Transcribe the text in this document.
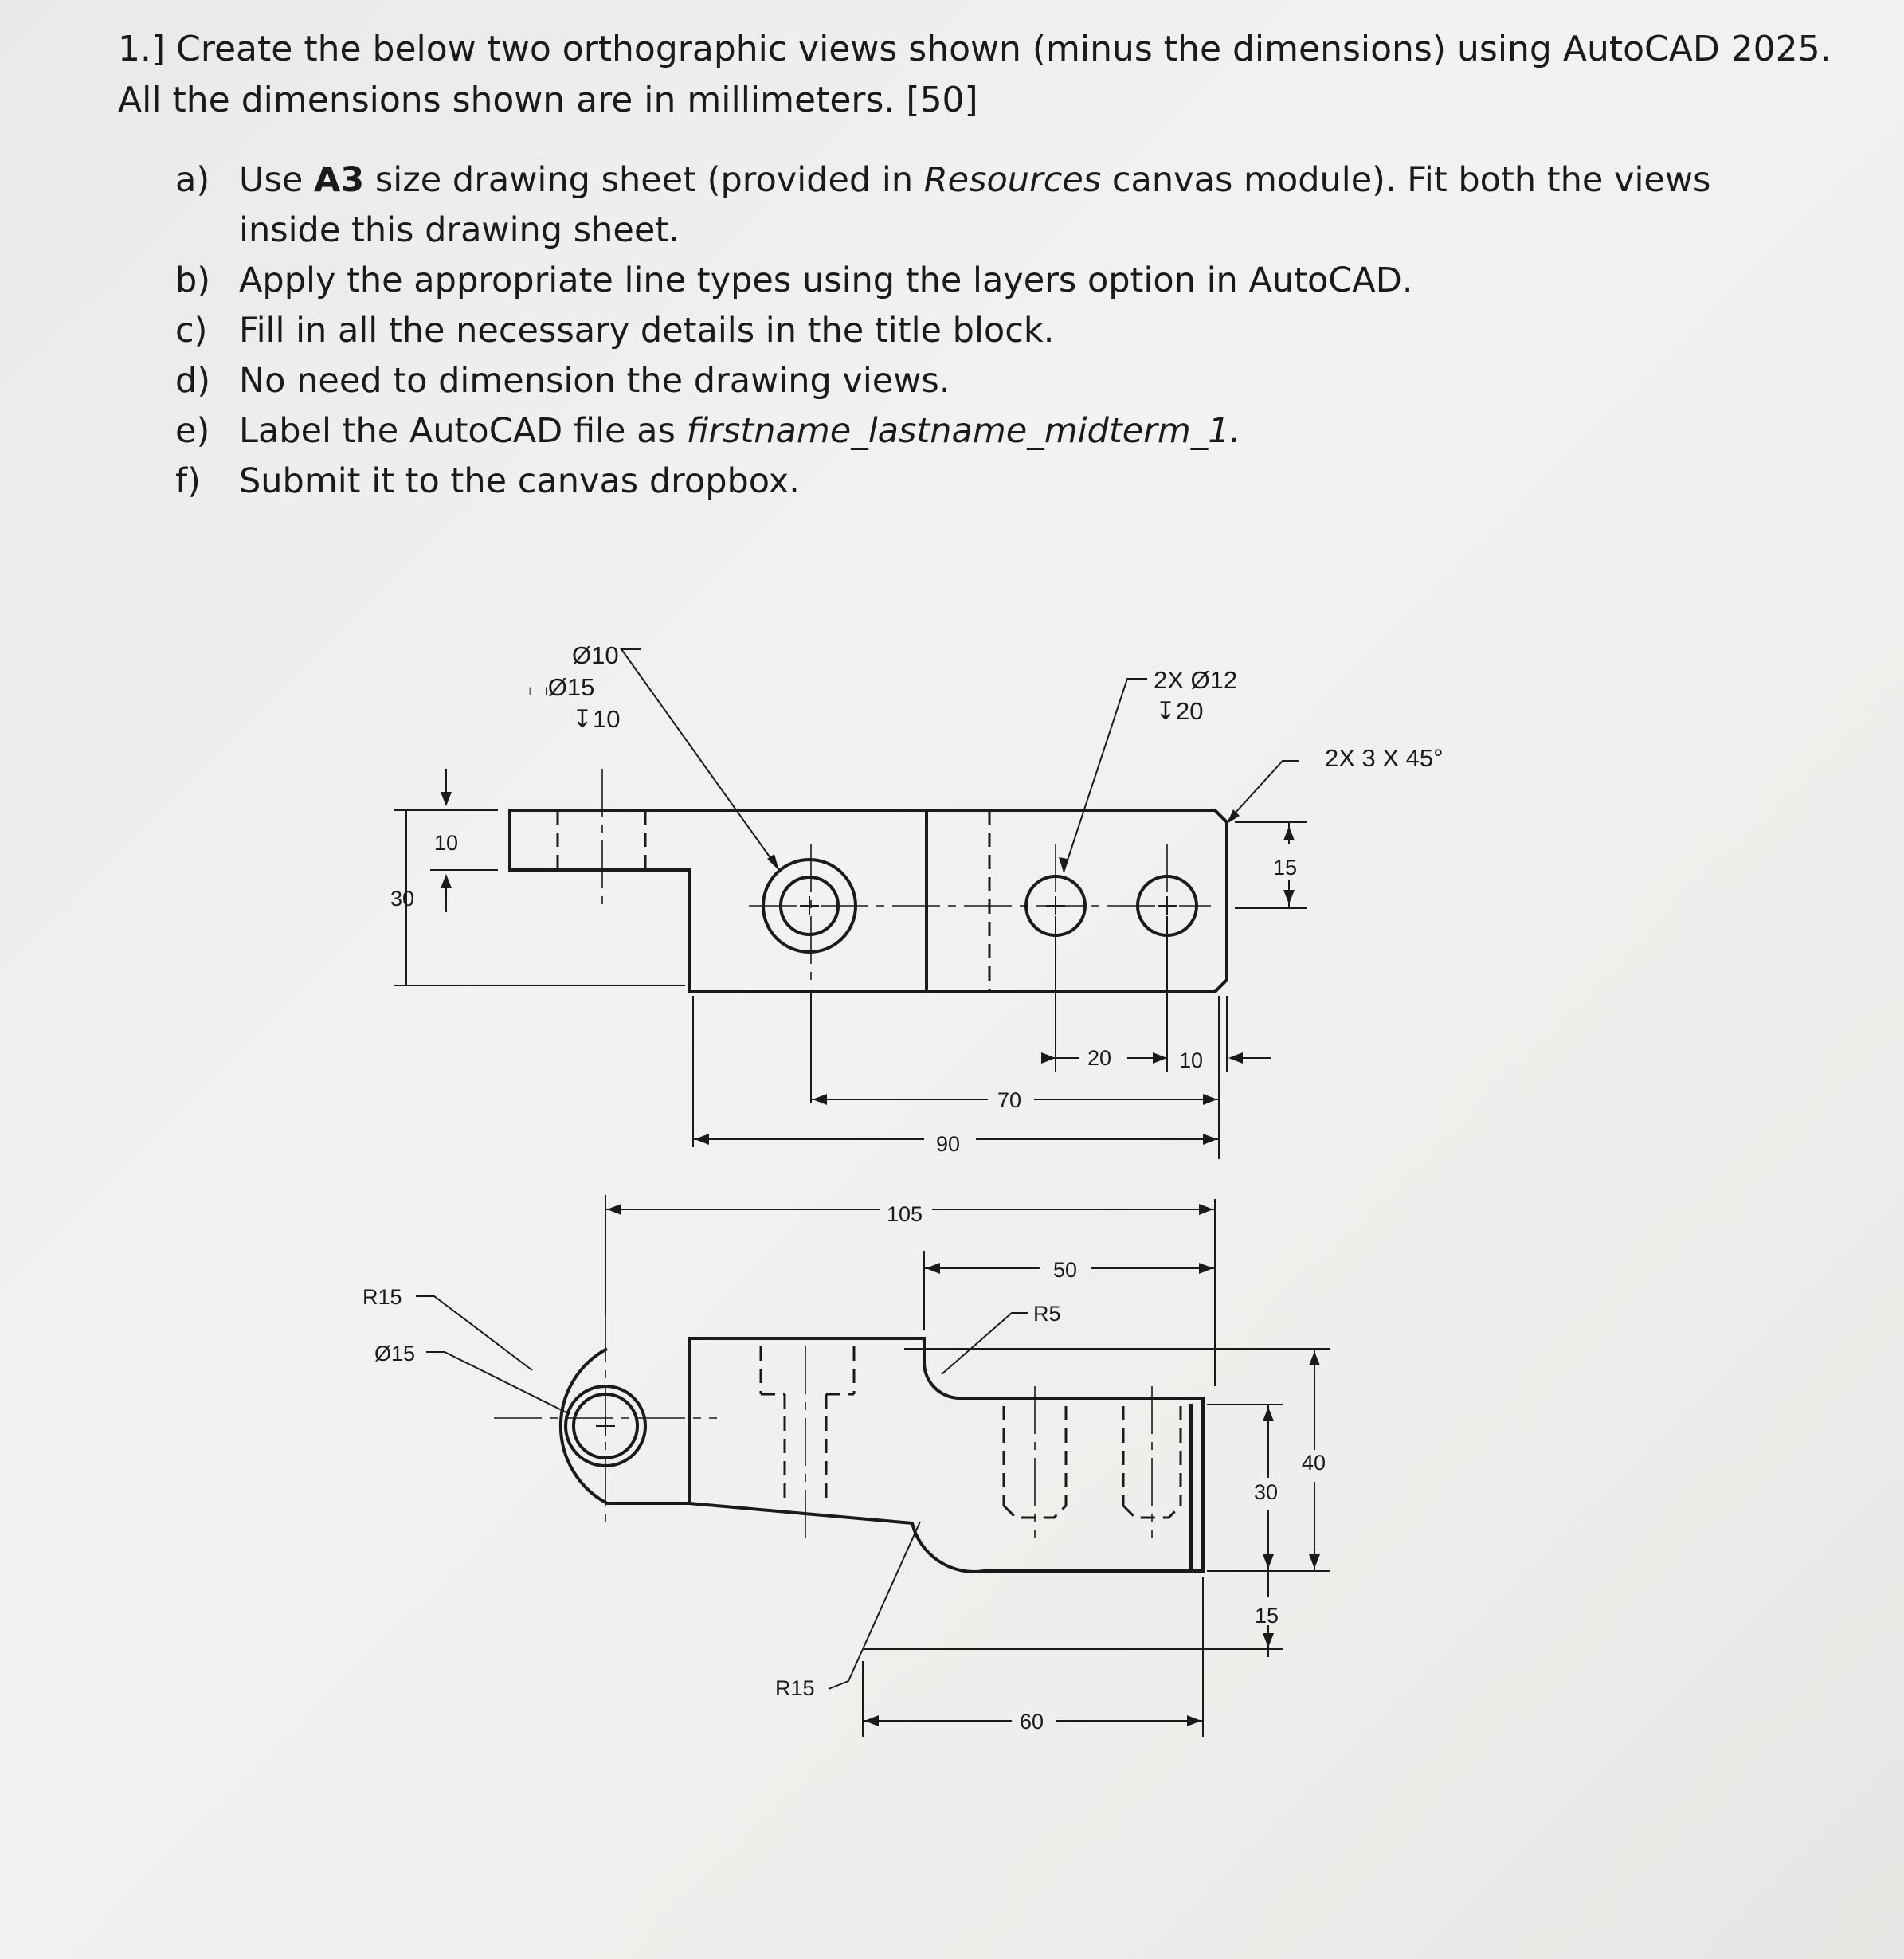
1.] Create the below two orthographic views shown (minus the dimensions) using AutoCAD 2025.
All the dimensions shown are in millimeters. [50]
a) Use A3 size drawing sheet (provided in Resources canvas module). Fit both the views inside this drawing sheet.
b) Apply the appropriate line types using the layers option in AutoCAD.
c) Fill in all the necessary details in the title block.
d) No need to dimension the drawing views.
e) Label the AutoCAD file as firstname_lastname_midterm_1.
f) Submit it to the canvas dropbox.
Ø10
⌴Ø15
↧10
2X Ø12
↧20
2X 3 X 45°
10
30
15
20	10
70
90
105
50
R5
R15
Ø15
40
30
15
R15
60
